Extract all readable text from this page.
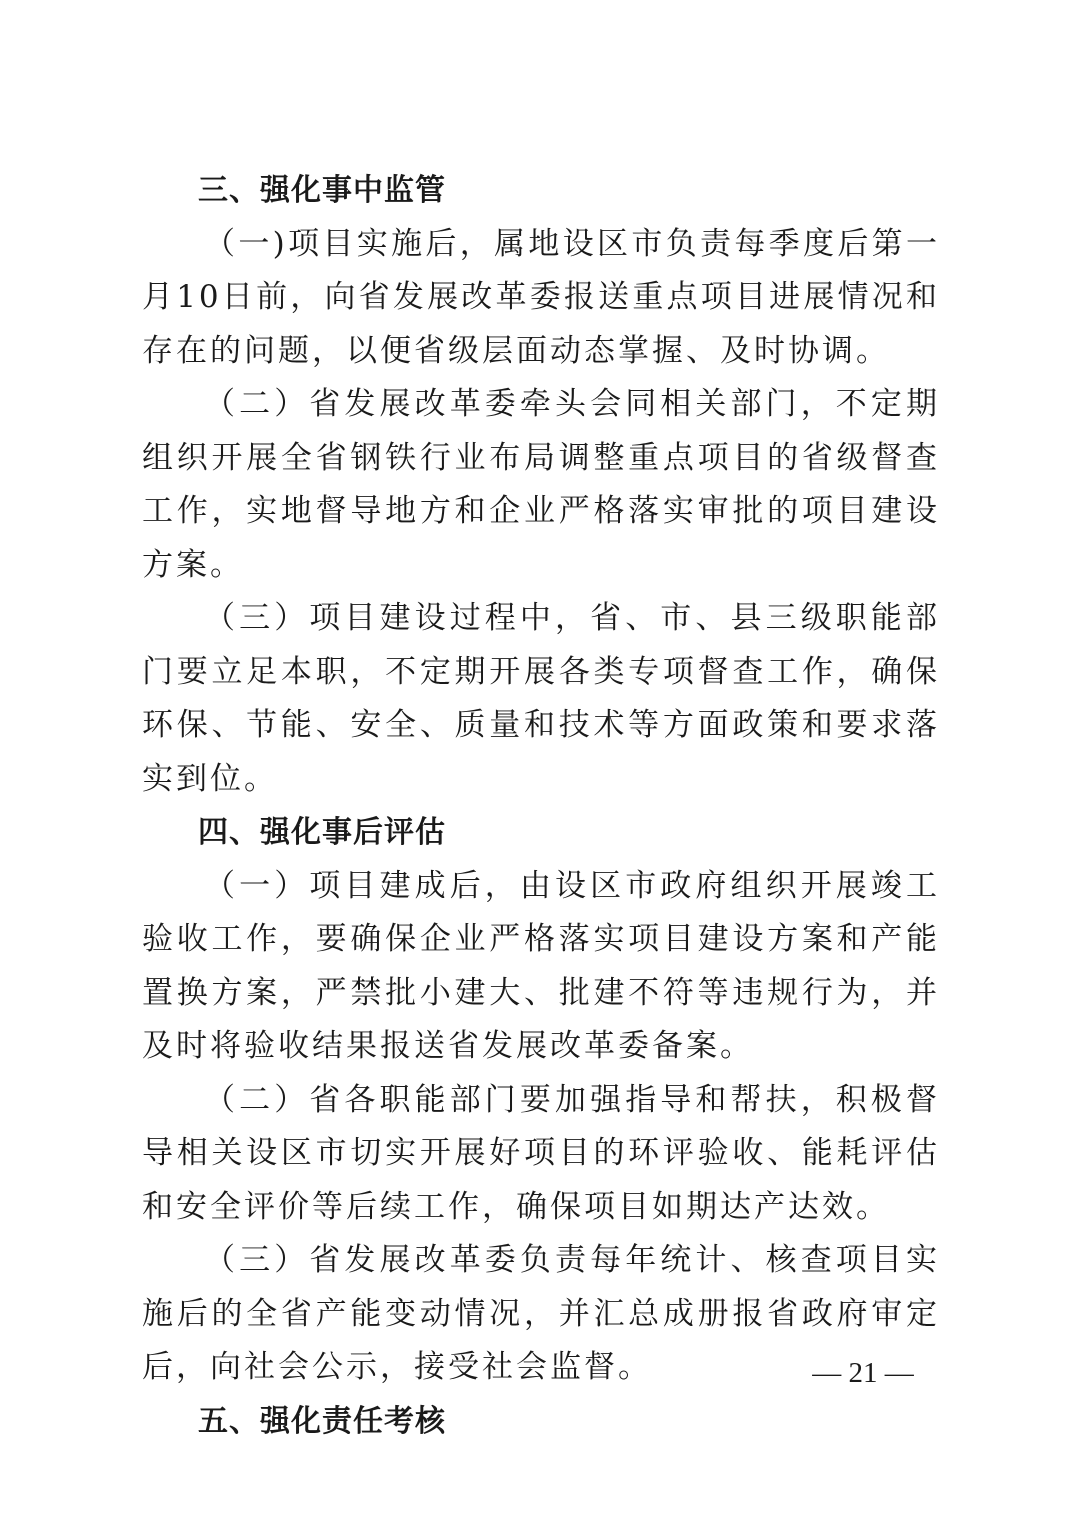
三、强化事中监管

（一)项目实施后，属地设区市负责每季度后第一月10日前，向省发展改革委报送重点项目进展情况和存在的问题，以便省级层面动态掌握、及时协调。

（二）省发展改革委牵头会同相关部门，不定期组织开展全省钢铁行业布局调整重点项目的省级督查工作，实地督导地方和企业严格落实审批的项目建设方案。

（三）项目建设过程中，省、市、县三级职能部门要立足本职，不定期开展各类专项督查工作，确保环保、节能、安全、质量和技术等方面政策和要求落实到位。

四、强化事后评估

（一）项目建成后，由设区市政府组织开展竣工验收工作，要确保企业严格落实项目建设方案和产能置换方案，严禁批小建大、批建不符等违规行为，并及时将验收结果报送省发展改革委备案。

（二）省各职能部门要加强指导和帮扶，积极督导相关设区市切实开展好项目的环评验收、能耗评估和安全评价等后续工作，确保项目如期达产达效。

（三）省发展改革委负责每年统计、核查项目实施后的全省产能变动情况，并汇总成册报省政府审定后，向社会公示，接受社会监督。

五、强化责任考核
— 21 —
